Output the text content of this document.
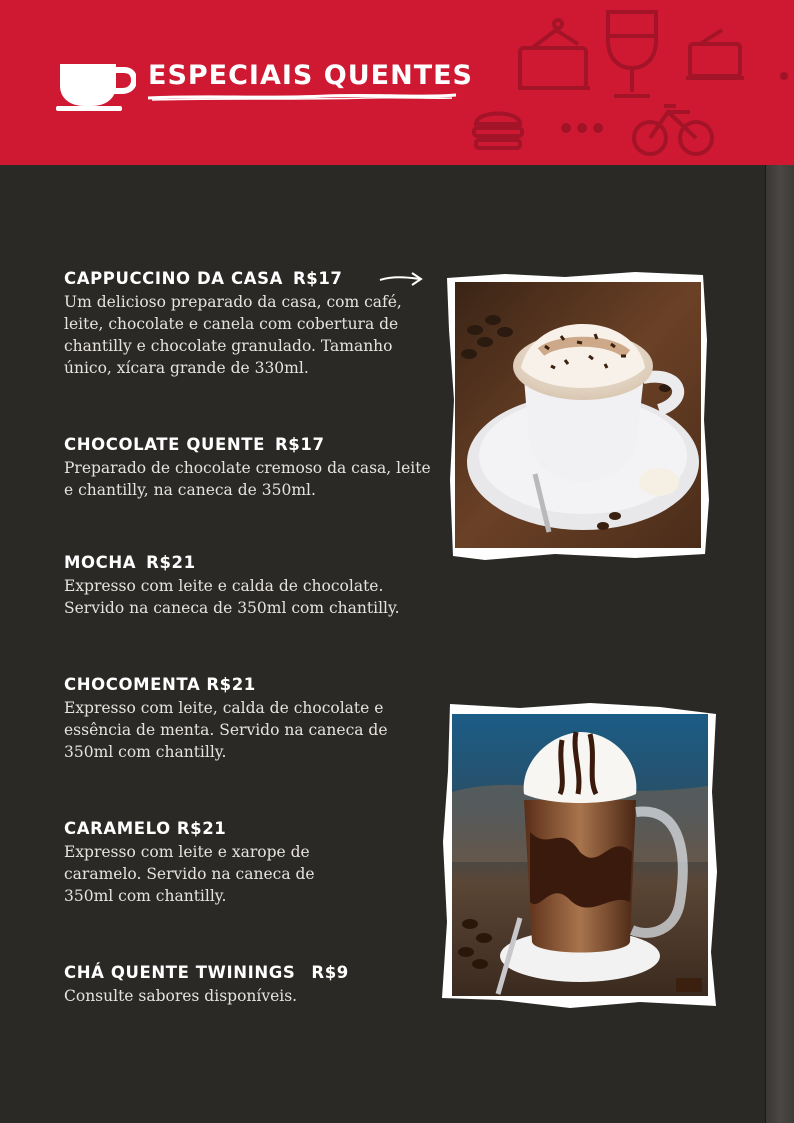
ESPECIAIS QUENTES
CAPPUCCINO DA CASA R$17
Um delicioso preparado da casa, com café, leite, chocolate e canela com cobertura de chantilly e chocolate granulado. Tamanho único, xícara grande de 330ml.
CHOCOLATE QUENTE R$17
Preparado de chocolate cremoso da casa, leite e chantilly, na caneca de 350ml.
MOCHA R$21
Expresso com leite e calda de chocolate. Servido na caneca de 350ml com chantilly.
CHOCOMENTA R$21
Expresso com leite, calda de chocolate e essência de menta. Servido na caneca de 350ml com chantilly.
CARAMELO R$21
Expresso com leite e xarope de caramelo. Servido na caneca de 350ml com chantilly.
CHÁ QUENTE TWININGS R$9
Consulte sabores disponíveis.
